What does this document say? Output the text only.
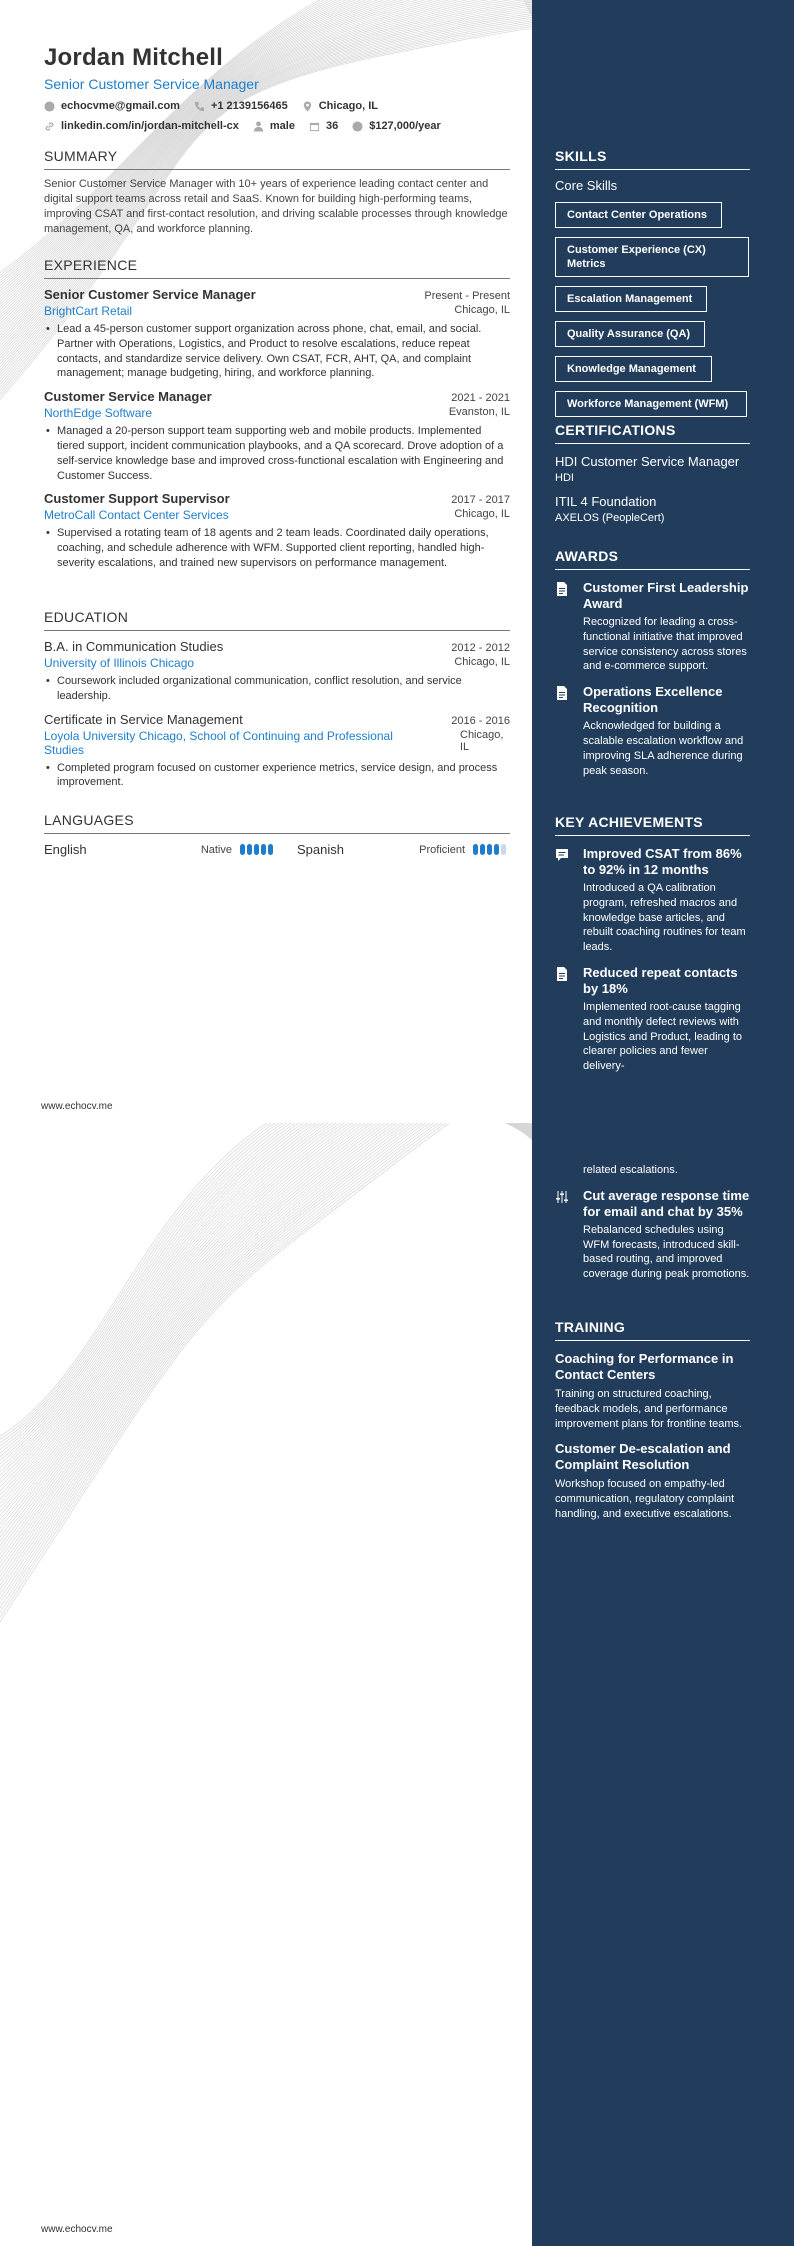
Jordan Mitchell
Senior Customer Service Manager
echocvme@gmail.com	+1 2139156465	Chicago, IL
linkedin.com/in/jordan-mitchell-cx	male	36	$127,000/year
SUMMARY
Senior Customer Service Manager with 10+ years of experience leading contact center and digital support teams across retail and SaaS. Known for building high-performing teams, improving CSAT and first-contact resolution, and driving scalable processes through knowledge management, QA, and workforce planning.
EXPERIENCE
Senior Customer Service Manager	Present - Present
BrightCart Retail	Chicago, IL
• Lead a 45-person customer support organization across phone, chat, email, and social. Partner with Operations, Logistics, and Product to resolve escalations, reduce repeat contacts, and standardize service delivery. Own CSAT, FCR, AHT, QA, and complaint management; manage budgeting, hiring, and workforce planning.
Customer Service Manager	2021 - 2021
NorthEdge Software	Evanston, IL
• Managed a 20-person support team supporting web and mobile products. Implemented tiered support, incident communication playbooks, and a QA scorecard. Drove adoption of a self-service knowledge base and improved cross-functional escalation with Engineering and Customer Success.
Customer Support Supervisor	2017 - 2017
MetroCall Contact Center Services	Chicago, IL
• Supervised a rotating team of 18 agents and 2 team leads. Coordinated daily operations, coaching, and schedule adherence with WFM. Supported client reporting, handled high-severity escalations, and trained new supervisors on performance management.
EDUCATION
B.A. in Communication Studies	2012 - 2012
University of Illinois Chicago	Chicago, IL
• Coursework included organizational communication, conflict resolution, and service leadership.
Certificate in Service Management	2016 - 2016
Loyola University Chicago, School of Continuing and Professional Studies
Chicago, IL
• Completed program focused on customer experience metrics, service design, and process improvement.
LANGUAGES
English	Native	Spanish	Proficient
SKILLS
Core Skills
Contact Center Operations
Customer Experience (CX) Metrics
Escalation Management
Quality Assurance (QA)
Knowledge Management
Workforce Management (WFM)
CERTIFICATIONS
HDI Customer Service Manager
HDI
ITIL 4 Foundation
AXELOS (PeopleCert)
AWARDS
Customer First Leadership Award
Recognized for leading a cross-functional initiative that improved service consistency across stores and e-commerce support.
Operations Excellence Recognition
Acknowledged for building a scalable escalation workflow and improving SLA adherence during peak season.
KEY ACHIEVEMENTS
Improved CSAT from 86% to 92% in 12 months
Introduced a QA calibration program, refreshed macros and knowledge base articles, and rebuilt coaching routines for team leads.
Reduced repeat contacts by 18%
Implemented root-cause tagging and monthly defect reviews with Logistics and Product, leading to clearer policies and fewer delivery-
www.echocv.me
related escalations.
Cut average response time for email and chat by 35%
Rebalanced schedules using WFM forecasts, introduced skill-based routing, and improved coverage during peak promotions.
TRAINING
Coaching for Performance in Contact Centers
Training on structured coaching, feedback models, and performance improvement plans for frontline teams.
Customer De-escalation and Complaint Resolution
Workshop focused on empathy-led communication, regulatory complaint handling, and executive escalations.
www.echocv.me
